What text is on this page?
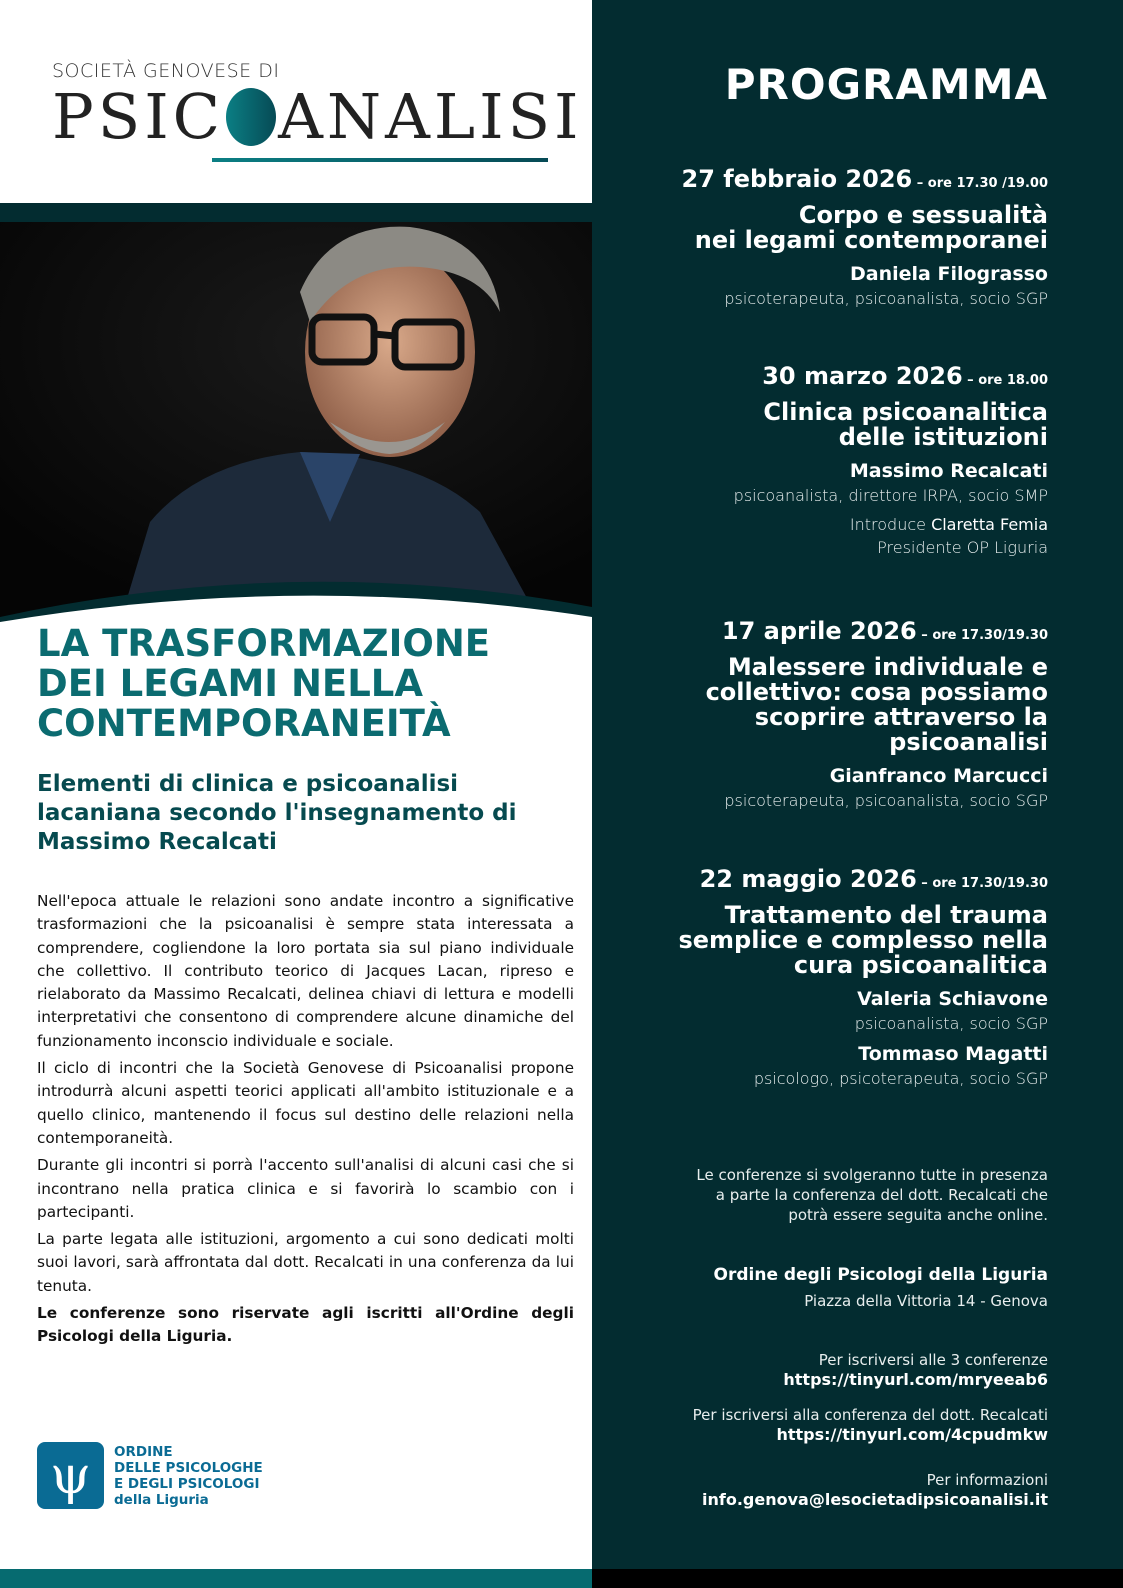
SOCIETÀ GENOVESE DI
PSIC ANALISI
LA TRASFORMAZIONE
DEI LEGAMI NELLA
CONTEMPORANEITÀ
Elementi di clinica e psicoanalisi lacaniana secondo l'insegnamento di Massimo Recalcati

Nell'epoca attuale le relazioni sono andate incontro a significative trasformazioni che la psicoanalisi è sempre stata interessata a comprendere, cogliendone la loro portata sia sul piano individuale che collettivo. Il contributo teorico di Jacques Lacan, ripreso e rielaborato da Massimo Recalcati, delinea chiavi di lettura e modelli interpretativi che consentono di comprendere alcune dinamiche del funzionamento inconscio individuale e sociale.

Il ciclo di incontri che la Società Genovese di Psicoanalisi propone introdurrà alcuni aspetti teorici applicati all'ambito istituzionale e a quello clinico, mantenendo il focus sul destino delle relazioni nella contemporaneità.

Durante gli incontri si porrà l'accento sull'analisi di alcuni casi che si incontrano nella pratica clinica e si favorirà lo scambio con i partecipanti.

La parte legata alle istituzioni, argomento a cui sono dedicati molti suoi lavori, sarà affrontata dal dott. Recalcati in una conferenza da lui tenuta.

Le conferenze sono riservate agli iscritti all'Ordine degli Psicologi della Liguria.

ψ	ORDINE
DELLE PSICOLOGHE
E DEGLI PSICOLOGI
della Liguria
PROGRAMMA
27 febbraio 2026 – ore 17.30 /19.00
Corpo e sessualità
nei legami contemporanei
Daniela Filograsso
psicoterapeuta, psicoanalista, socio SGP
30 marzo 2026 – ore 18.00
Clinica psicoanalitica
delle istituzioni
Massimo Recalcati
psicoanalista, direttore IRPA, socio SMP
Introduce Claretta Femia
Presidente OP Liguria
17 aprile 2026 – ore 17.30/19.30
Malessere individuale e
collettivo: cosa possiamo
scoprire attraverso la
psicoanalisi
Gianfranco Marcucci
psicoterapeuta, psicoanalista, socio SGP
22 maggio 2026 – ore 17.30/19.30
Trattamento del trauma
semplice e complesso nella
cura psicoanalitica
Valeria Schiavone
psicoanalista, socio SGP
Tommaso Magatti
psicologo, psicoterapeuta, socio SGP
Le conferenze si svolgeranno tutte in presenza
a parte la conferenza del dott. Recalcati che
potrà essere seguita anche online.
Ordine degli Psicologi della Liguria
Piazza della Vittoria 14 - Genova
Per iscriversi alle 3 conferenze
https://tinyurl.com/mryeeab6
Per iscriversi alla conferenza del dott. Recalcati
https://tinyurl.com/4cpudmkw
Per informazioni
info.genova@lesocietadipsicoanalisi.it
